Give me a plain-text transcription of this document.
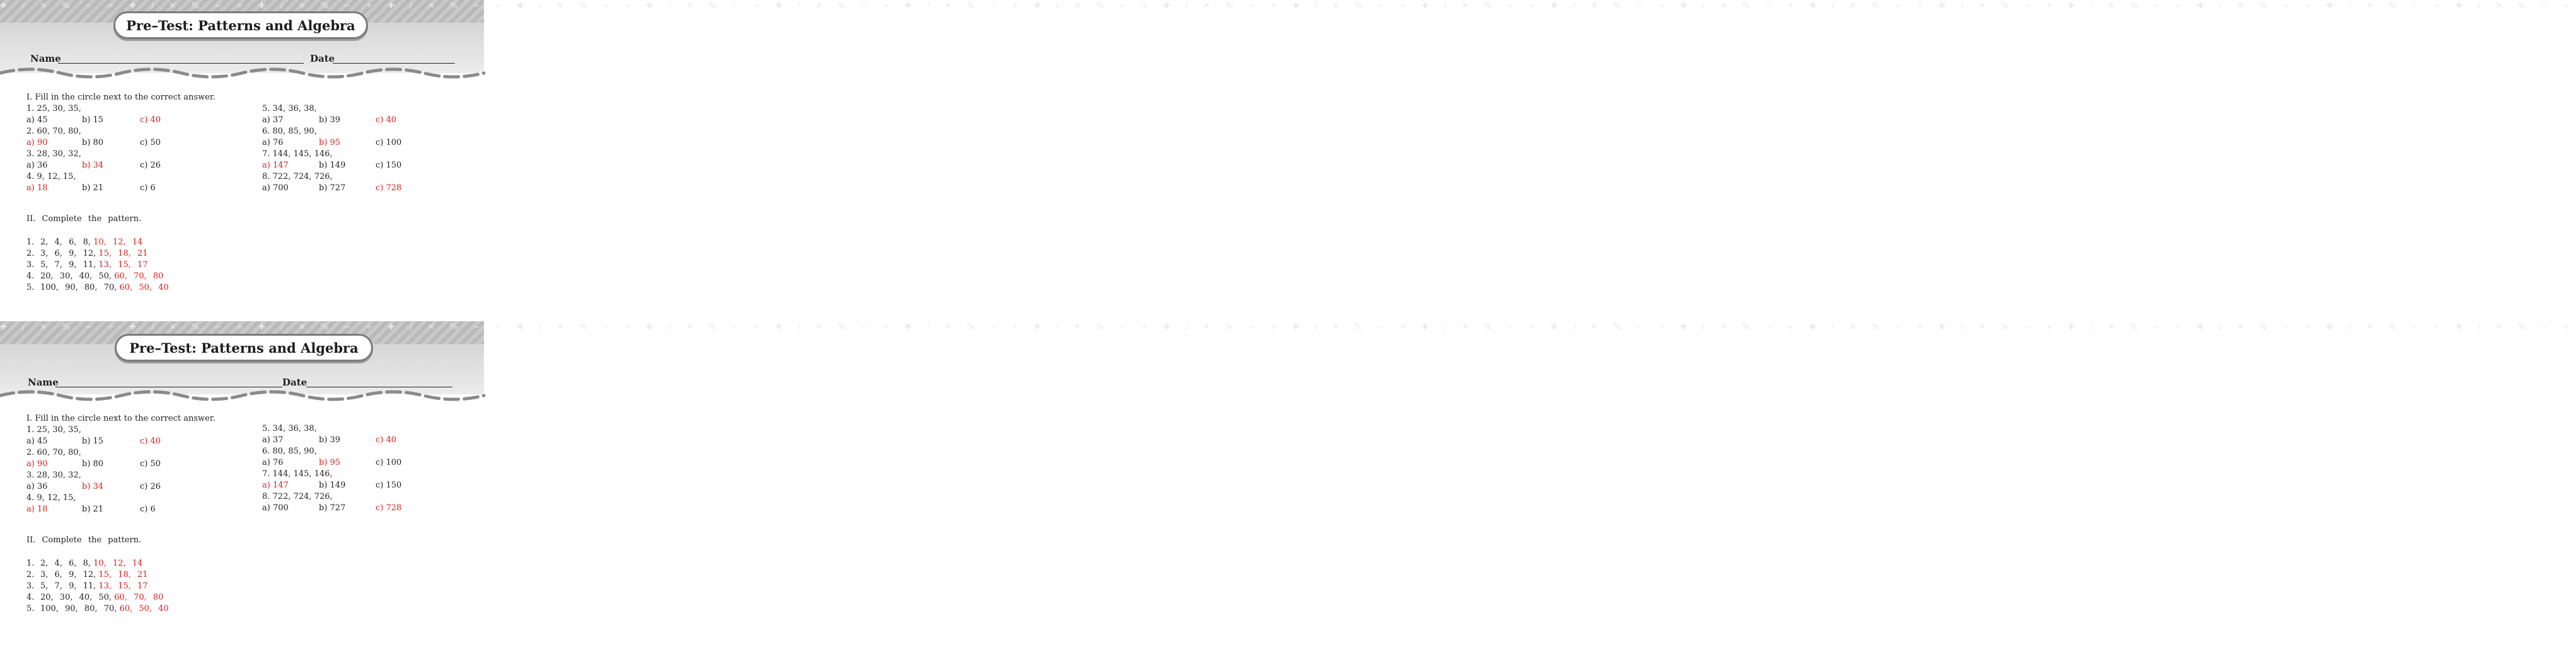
✚ ∕ ✕ % − ÷ ✚ ∕ ✕ % − ÷ ✚ ∕ ✕ % − ÷ ✚ ∕ ✕ % − ÷ ✚ ∕ ✕ % − ÷ ✚ ∕ ✕ % − ÷ ✚ ∕ ✕ % − ÷ ✚ ∕ ✕ % − ÷ ✚ ∕ ✕ % − ÷ ✚ ∕ ✕ % − ÷ ✚ ∕ ✕ % − ÷ ✚ ∕ ✕ % − ÷ ✚ ∕ ✕ % − ÷ ✚ ∕ ✕ % − ÷ ✚ ∕ ✕ % − ÷ ✚ ∕ ✕ % − ÷ ✚ ∕ ✕ % − ÷ ✚ ∕ ✕ % − ÷ ✚ ∕ ✕ % − ÷ ✚ ∕ ✕ % − ÷
Pre–Test: Patterns and Algebra
Name	Date
I. Fill in the circle next to the correct answer.
1. 25, 30, 35,
a) 45	b) 15	c) 40
2. 60, 70, 80,
a) 90	b) 80	c) 50
3. 28, 30, 32,
a) 36	b) 34	c) 26
4. 9, 12, 15,
a) 18	b) 21	c) 6
5. 34, 36, 38,
a) 37	b) 39	c) 40
6. 80, 85, 90,
a) 76	b) 95	c) 100
7. 144, 145, 146,
a) 147	b) 149	c) 150
8. 722, 724, 726,
a) 700	b) 727	c) 728
II. Complete the pattern.
1. 2, 4, 6, 8, 10, 12, 14
2. 3, 6, 9, 12, 15, 18, 21
3. 5, 7, 9, 11, 13, 15, 17
4. 20, 30, 40, 50, 60, 70, 80
5. 100, 90, 80, 70, 60, 50, 40
✚ ∕ ✕ % − ÷ ✚ ∕ ✕ % − ÷ ✚ ∕ ✕ % − ÷ ✚ ∕ ✕ % − ÷ ✚ ∕ ✕ % − ÷ ✚ ∕ ✕ % − ÷ ✚ ∕ ✕ % − ÷ ✚ ∕ ✕ % − ÷ ✚ ∕ ✕ % − ÷ ✚ ∕ ✕ % − ÷ ✚ ∕ ✕ % − ÷ ✚ ∕ ✕ % − ÷ ✚ ∕ ✕ % − ÷ ✚ ∕ ✕ % − ÷ ✚ ∕ ✕ % − ÷ ✚ ∕ ✕ % − ÷ ✚ ∕ ✕ % − ÷ ✚ ∕ ✕ % − ÷ ✚ ∕ ✕ % − ÷ ✚ ∕ ✕ % − ÷
Pre–Test: Patterns and Algebra
Name	Date
I. Fill in the circle next to the correct answer.
1. 25, 30, 35,
a) 45	b) 15	c) 40
2. 60, 70, 80,
a) 90	b) 80	c) 50
3. 28, 30, 32,
a) 36	b) 34	c) 26
4. 9, 12, 15,
a) 18	b) 21	c) 6
5. 34, 36, 38,
a) 37	b) 39	c) 40
6. 80, 85, 90,
a) 76	b) 95	c) 100
7. 144, 145, 146,
a) 147	b) 149	c) 150
8. 722, 724, 726,
a) 700	b) 727	c) 728
II. Complete the pattern.
1. 2, 4, 6, 8, 10, 12, 14
2. 3, 6, 9, 12, 15, 18, 21
3. 5, 7, 9, 11, 13, 15, 17
4. 20, 30, 40, 50, 60, 70, 80
5. 100, 90, 80, 70, 60, 50, 40
